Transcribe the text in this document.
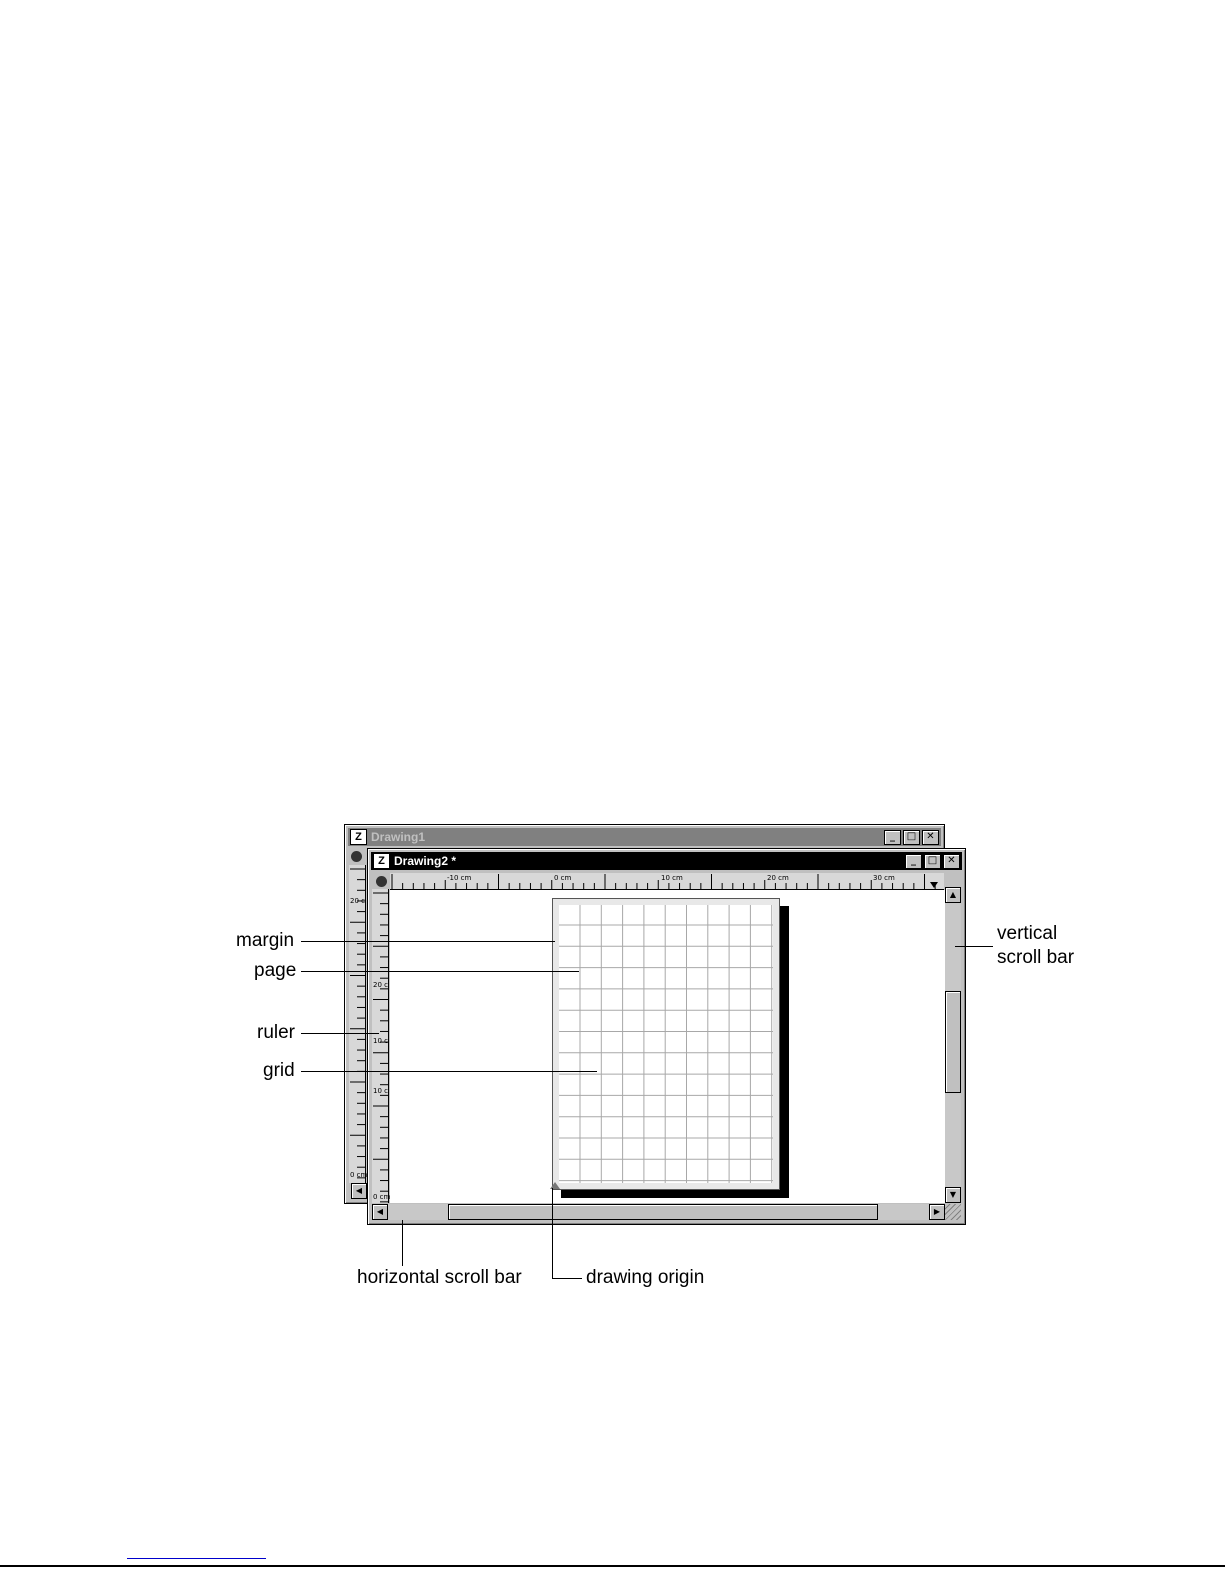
Z Drawing1	_	□	✕
20 c
0 cm
◀
Z Drawing2 *	_	□	✕
-10 cm	0 cm	10 cm	20 cm	30 cm
20 c
10 c
10 c
0 cm
▲
▼
◀	▶
margin
page
ruler
grid
vertical
scroll bar
horizontal scroll bar	drawing origin
